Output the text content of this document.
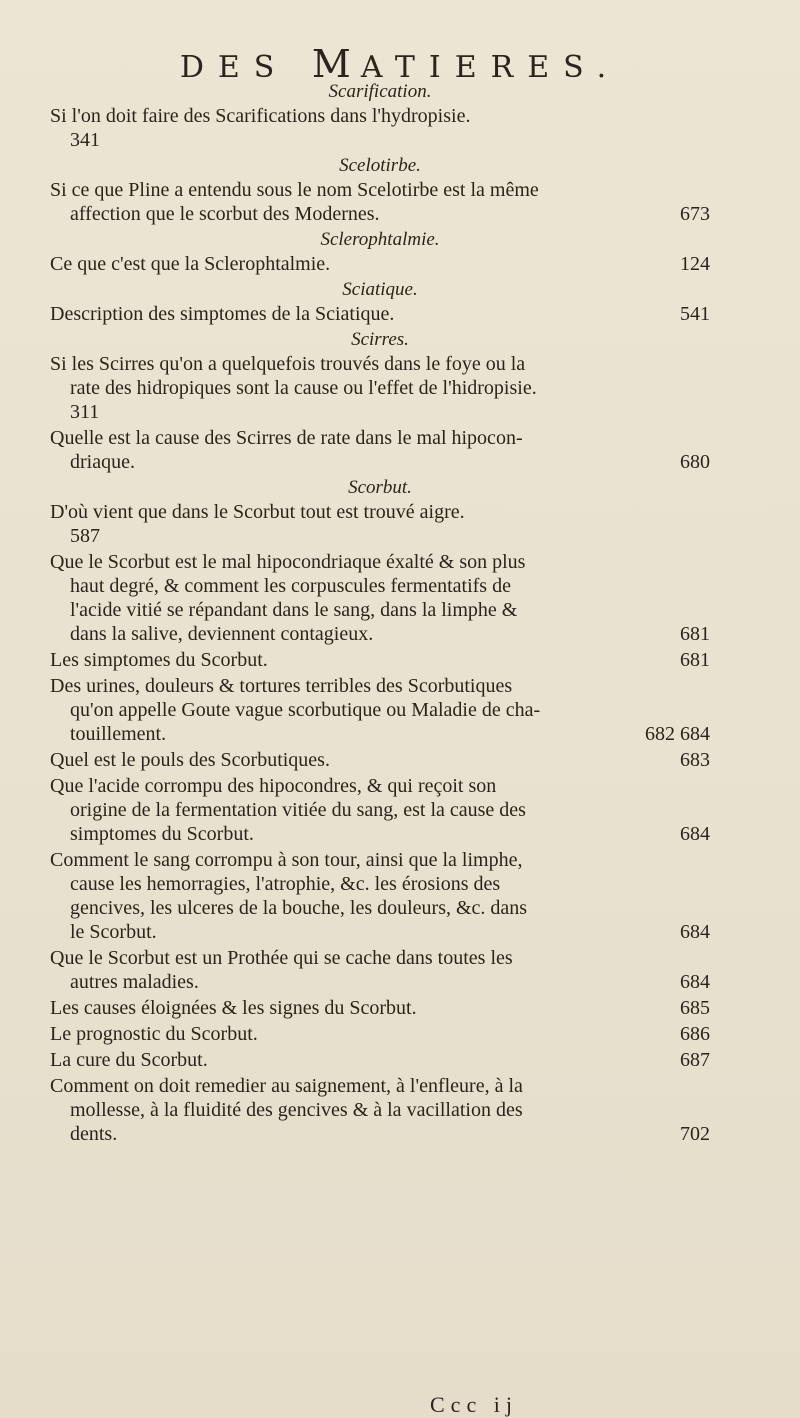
DES MATIERES.

Scarification.

Si l'on doit faire des Scarifications dans l'hydropisie.
341

Scelotirbe.

Si ce que Pline a entendu sous le nom Scelotirbe est la même
affection que le scorbut des Modernes.	673

Sclerophtalmie.

Ce que c'est que la Sclerophtalmie.	124

Sciatique.

Description des simptomes de la Sciatique.	541

Scirres.

Si les Scirres qu'on a quelquefois trouvés dans le foye ou la
rate des hidropiques sont la cause ou l'effet de l'hidropisie.
311
Quelle est la cause des Scirres de rate dans le mal hipocon-
driaque.	680

Scorbut.

D'où vient que dans le Scorbut tout est trouvé aigre.
587
Que le Scorbut est le mal hipocondriaque éxalté & son plus
haut degré, & comment les corpuscules fermentatifs de
l'acide vitié se répandant dans le sang, dans la limphe &
dans la salive, deviennent contagieux.	681
Les simptomes du Scorbut.	681
Des urines, douleurs & tortures terribles des Scorbutiques
qu'on appelle Goute vague scorbutique ou Maladie de cha-
touillement.	682 684
Quel est le pouls des Scorbutiques.	683
Que l'acide corrompu des hipocondres, & qui reçoit son
origine de la fermentation vitiée du sang, est la cause des
simptomes du Scorbut.	684
Comment le sang corrompu à son tour, ainsi que la limphe,
cause les hemorragies, l'atrophie, &c. les érosions des
gencives, les ulceres de la bouche, les douleurs, &c. dans
le Scorbut.	684
Que le Scorbut est un Prothée qui se cache dans toutes les
autres maladies.	684
Les causes éloignées & les signes du Scorbut.	685
Le prognostic du Scorbut.	686
La cure du Scorbut.	687
Comment on doit remedier au saignement, à l'enfleure, à la
mollesse, à la fluidité des gencives & à la vacillation des
dents.	702
Ccc ij
